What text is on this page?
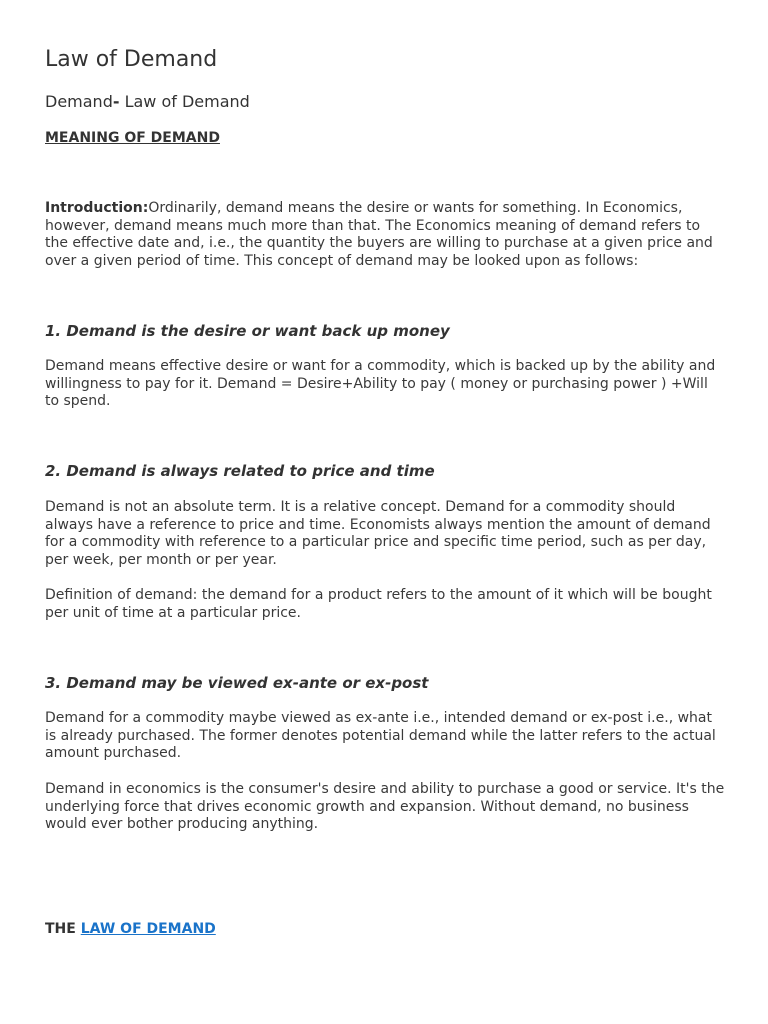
Law of Demand
Demand- Law of Demand
MEANING OF DEMAND

Introduction:Ordinarily, demand means the desire or wants for something. In Economics, however, demand means much more than that. The Economics meaning of demand refers to the effective date and, i.e., the quantity the buyers are willing to purchase at a given price and over a given period of time. This concept of demand may be looked upon as follows:

1. Demand is the desire or want back up money

Demand means effective desire or want for a commodity, which is backed up by the ability and willingness to pay for it. Demand = Desire+Ability to pay ( money or purchasing power ) +Will to spend.

2. Demand is always related to price and time

Demand is not an absolute term. It is a relative concept. Demand for a commodity should always have a reference to price and time. Economists always mention the amount of demand for a commodity with reference to a particular price and specific time period, such as per day, per week, per month or per year.

Definition of demand: the demand for a product refers to the amount of it which will be bought per unit of time at a particular price.

3. Demand may be viewed ex-ante or ex-post

Demand for a commodity maybe viewed as ex-ante i.e., intended demand or ex-post i.e., what is already purchased. The former denotes potential demand while the latter refers to the actual amount purchased.

Demand in economics is the consumer's desire and ability to purchase a good or service. It's the underlying force that drives economic growth and expansion. Without demand, no business would ever bother producing anything.

THE LAW OF DEMAND
